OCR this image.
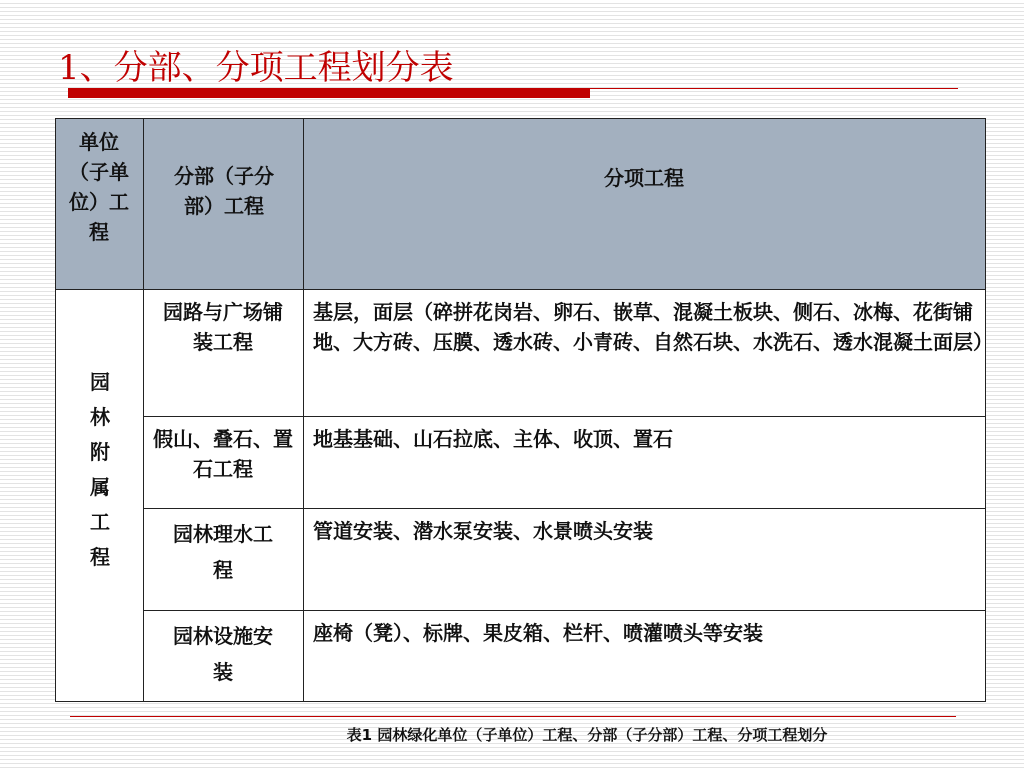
1、分部、分项工程划分表
单位（子单位）工程
分部（子分部）工程
分项工程
园林附属工程
园路与广场铺装工程
基层，面层（碎拼花岗岩、卵石、嵌草、混凝土板块、侧石、冰梅、花街铺地、大方砖、压膜、透水砖、小青砖、自然石块、水洗石、透水混凝土面层）
假山、叠石、置石工程
地基基础、山石拉底、主体、收顶、置石
园林理水工程
管道安装、潜水泵安装、水景喷头安装
园林设施安装
座椅（凳）、标牌、果皮箱、栏杆、喷灌喷头等安装
表1 园林绿化单位（子单位）工程、分部（子分部）工程、分项工程划分
